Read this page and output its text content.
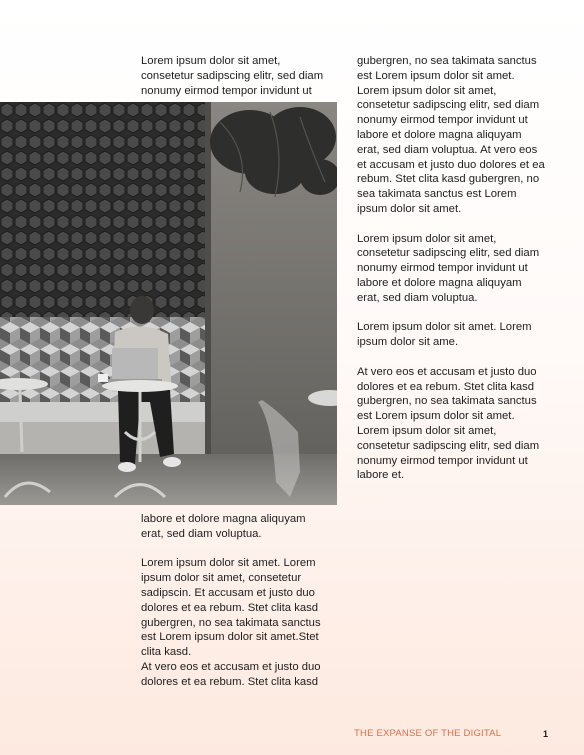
Lorem ipsum dolor sit amet,
consetetur sadipscing elitr, sed diam
nonumy eirmod tempor invidunt ut

labore et dolore magna aliquyam
erat, sed diam voluptua.

Lorem ipsum dolor sit amet. Lorem
ipsum dolor sit amet, consetetur
sadipscin. Et accusam et justo duo
dolores et ea rebum. Stet clita kasd
gubergren, no sea takimata sanctus
est Lorem ipsum dolor sit amet.Stet
clita kasd.
At vero eos et accusam et justo duo
dolores et ea rebum. Stet clita kasd

gubergren, no sea takimata sanctus
est Lorem ipsum dolor sit amet.
Lorem ipsum dolor sit amet,
consetetur sadipscing elitr, sed diam
nonumy eirmod tempor invidunt ut
labore et dolore magna aliquyam
erat, sed diam voluptua. At vero eos
et accusam et justo duo dolores et ea
rebum. Stet clita kasd gubergren, no
sea takimata sanctus est Lorem
ipsum dolor sit amet.

Lorem ipsum dolor sit amet,
consetetur sadipscing elitr, sed diam
nonumy eirmod tempor invidunt ut
labore et dolore magna aliquyam
erat, sed diam voluptua.

Lorem ipsum dolor sit amet. Lorem
ipsum dolor sit ame.

At vero eos et accusam et justo duo
dolores et ea rebum. Stet clita kasd
gubergren, no sea takimata sanctus
est Lorem ipsum dolor sit amet.
Lorem ipsum dolor sit amet,
consetetur sadipscing elitr, sed diam
nonumy eirmod tempor invidunt ut
labore et.

THE EXPANSE OF THE DIGITAL	1
